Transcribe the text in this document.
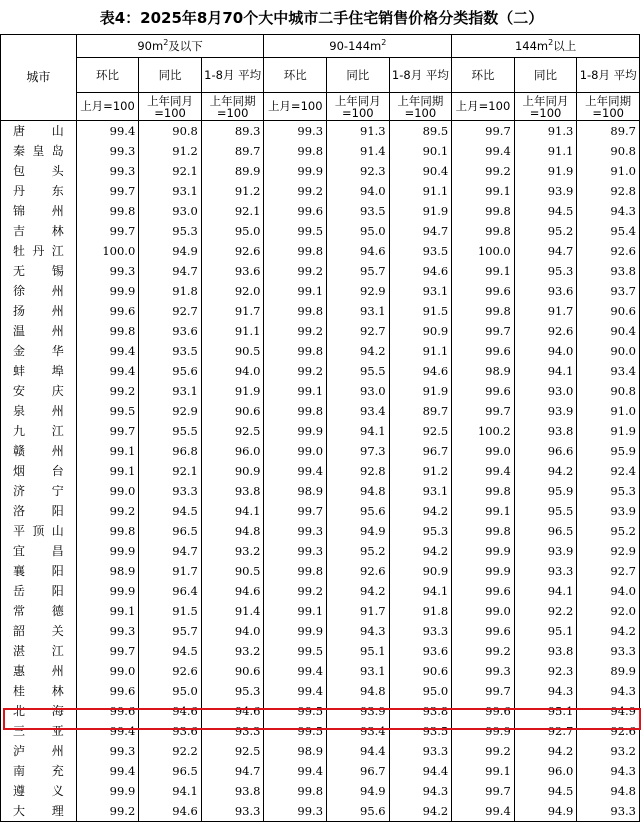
表4：2025年8月70个大中城市二手住宅销售价格分类指数（二）
城市	$90m^2$及以下			$90-144m^2$			$144m^2$以上		
	环比	同比	1-8月 平均	环比	同比	1-8月 平均	环比	同比	1-8月 平均
	上月=100	上年同月=100	上年同期=100	上月=100	上年同月=100	上年同期=100	上月=100	上年同月=100	上年同期=100
唐山	99.4	90.8	89.3	99.3	91.3	89.5	99.7	91.3	89.7
秦皇岛	99.3	91.2	89.7	99.8	91.4	90.1	99.4	91.1	90.8
包头	99.3	92.1	89.9	99.9	92.3	90.4	99.2	91.9	91.0
丹东	99.7	93.1	91.2	99.2	94.0	91.1	99.1	93.9	92.8
锦州	99.8	93.0	92.1	99.6	93.5	91.9	99.8	94.5	94.3
吉林	99.7	95.3	95.0	99.5	95.0	94.7	99.8	95.2	95.4
牡丹江	100.0	94.9	92.6	99.8	94.6	93.5	100.0	94.7	92.6
无锡	99.3	94.7	93.6	99.2	95.7	94.6	99.1	95.3	93.8
徐州	99.9	91.8	92.0	99.1	92.9	93.1	99.6	93.6	93.7
扬州	99.6	92.7	91.7	99.8	93.1	91.5	99.8	91.7	90.6
温州	99.8	93.6	91.1	99.2	92.7	90.9	99.7	92.6	90.4
金华	99.4	93.5	90.5	99.8	94.2	91.1	99.6	94.0	90.0
蚌埠	99.4	95.6	94.0	99.2	95.5	94.6	98.9	94.1	93.4
安庆	99.2	93.1	91.9	99.1	93.0	91.9	99.6	93.0	90.8
泉州	99.5	92.9	90.6	99.8	93.4	89.7	99.7	93.9	91.0
九江	99.7	95.5	92.5	99.9	94.1	92.5	100.2	93.8	91.9
赣州	99.1	96.8	96.0	99.0	97.3	96.7	99.0	96.6	95.9
烟台	99.1	92.1	90.9	99.4	92.8	91.2	99.4	94.2	92.4
济宁	99.0	93.3	93.8	98.9	94.8	93.1	99.8	95.9	95.3
洛阳	99.2	94.5	94.1	99.7	95.6	94.2	99.1	95.5	93.9
平顶山	99.8	96.5	94.8	99.3	94.9	95.3	99.8	96.5	95.2
宜昌	99.9	94.7	93.2	99.3	95.2	94.2	99.9	93.9	92.9
襄阳	98.9	91.7	90.5	99.8	92.6	90.9	99.9	93.3	92.7
岳阳	99.9	96.4	94.6	99.2	94.2	94.1	99.6	94.1	94.0
常德	99.1	91.5	91.4	99.1	91.7	91.8	99.0	92.2	92.0
韶关	99.3	95.7	94.0	99.9	94.3	93.3	99.6	95.1	94.2
湛江	99.7	94.5	93.2	99.5	95.1	93.6	99.2	93.8	93.3
惠州	99.0	92.6	90.6	99.4	93.1	90.6	99.3	92.3	89.9
桂林	99.6	95.0	95.3	99.4	94.8	95.0	99.7	94.3	94.3
北海	99.6	94.6	94.6	99.5	93.9	93.8	99.6	95.1	94.9
三亚	99.4	93.6	93.3	99.5	93.4	93.5	99.9	92.7	92.6
泸州	99.3	92.2	92.5	98.9	94.4	93.3	99.2	94.2	93.2
南充	99.4	96.5	94.7	99.4	96.7	94.4	99.1	96.0	94.3
遵义	99.9	94.1	93.8	99.8	94.9	94.3	99.7	94.5	94.8
大理	99.2	94.6	93.3	99.3	95.6	94.2	99.4	94.9	93.3
